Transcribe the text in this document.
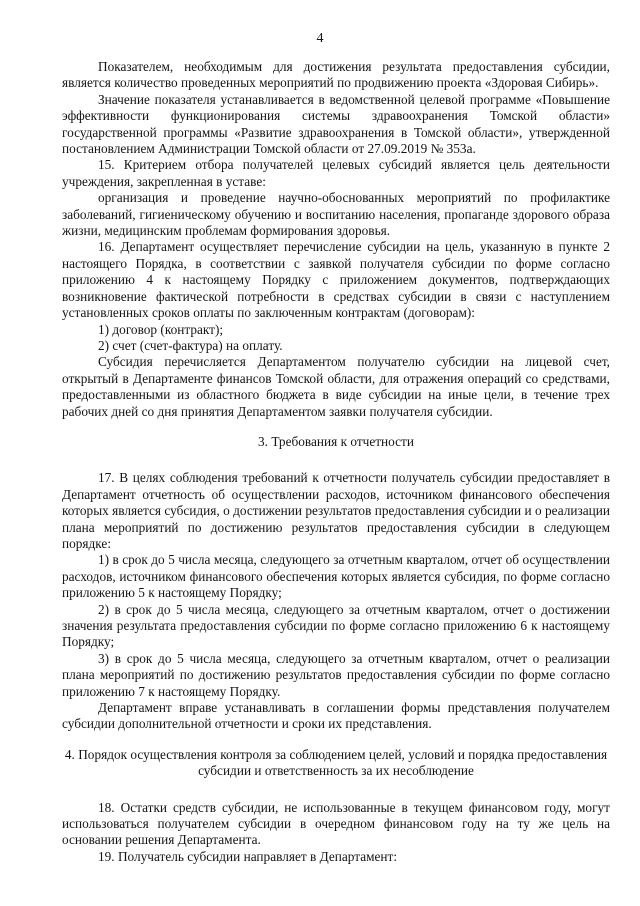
4

Показателем, необходимым для достижения результата предоставления субсидии, является количество проведенных мероприятий по продвижению проекта «Здоровая Сибирь».

Значение показателя устанавливается в ведомственной целевой программе «Повышение эффективности функционирования системы здравоохранения Томской области» государственной программы «Развитие здравоохранения в Томской области», утвержденной постановлением Администрации Томской области от 27.09.2019 № 353а.

15. Критерием отбора получателей целевых субсидий является цель деятельности учреждения, закрепленная в уставе:

организация и проведение научно-обоснованных мероприятий по профилактике заболеваний, гигиеническому обучению и воспитанию населения, пропаганде здорового образа жизни, медицинским проблемам формирования здоровья.

16. Департамент осуществляет перечисление субсидии на цель, указанную в пункте 2 настоящего Порядка, в соответствии с заявкой получателя субсидии по форме согласно приложению 4 к настоящему Порядку с приложением документов, подтверждающих возникновение фактической потребности в средствах субсидии в связи с наступлением установленных сроков оплаты по заключенным контрактам (договорам):

1) договор (контракт);

2) счет (счет-фактура) на оплату.

Субсидия перечисляется Департаментом получателю субсидии на лицевой счет, открытый в Департаменте финансов Томской области, для отражения операций со средствами, предоставленными из областного бюджета в виде субсидии на иные цели, в течение трех рабочих дней со дня принятия Департаментом заявки получателя субсидии.

3. Требования к отчетности

17. В целях соблюдения требований к отчетности получатель субсидии предоставляет в Департамент отчетность об осуществлении расходов, источником финансового обеспечения которых является субсидия, о достижении результатов предоставления субсидии и о реализации плана мероприятий по достижению результатов предоставления субсидии в следующем порядке:

1) в срок до 5 числа месяца, следующего за отчетным кварталом, отчет об осуществлении расходов, источником финансового обеспечения которых является субсидия, по форме согласно приложению 5 к настоящему Порядку;

2) в срок до 5 числа месяца, следующего за отчетным кварталом, отчет о достижении значения результата предоставления субсидии по форме согласно приложению 6 к настоящему Порядку;

3) в срок до 5 числа месяца, следующего за отчетным кварталом, отчет о реализации плана мероприятий по достижению результатов предоставления субсидии по форме согласно приложению 7 к настоящему Порядку.

Департамент вправе устанавливать в соглашении формы представления получателем субсидии дополнительной отчетности и сроки их представления.

4. Порядок осуществления контроля за соблюдением целей, условий и порядка предоставления субсидии и ответственность за их несоблюдение

18. Остатки средств субсидии, не использованные в текущем финансовом году, могут использоваться получателем субсидии в очередном финансовом году на ту же цель на основании решения Департамента.

19. Получатель субсидии направляет в Департамент:
